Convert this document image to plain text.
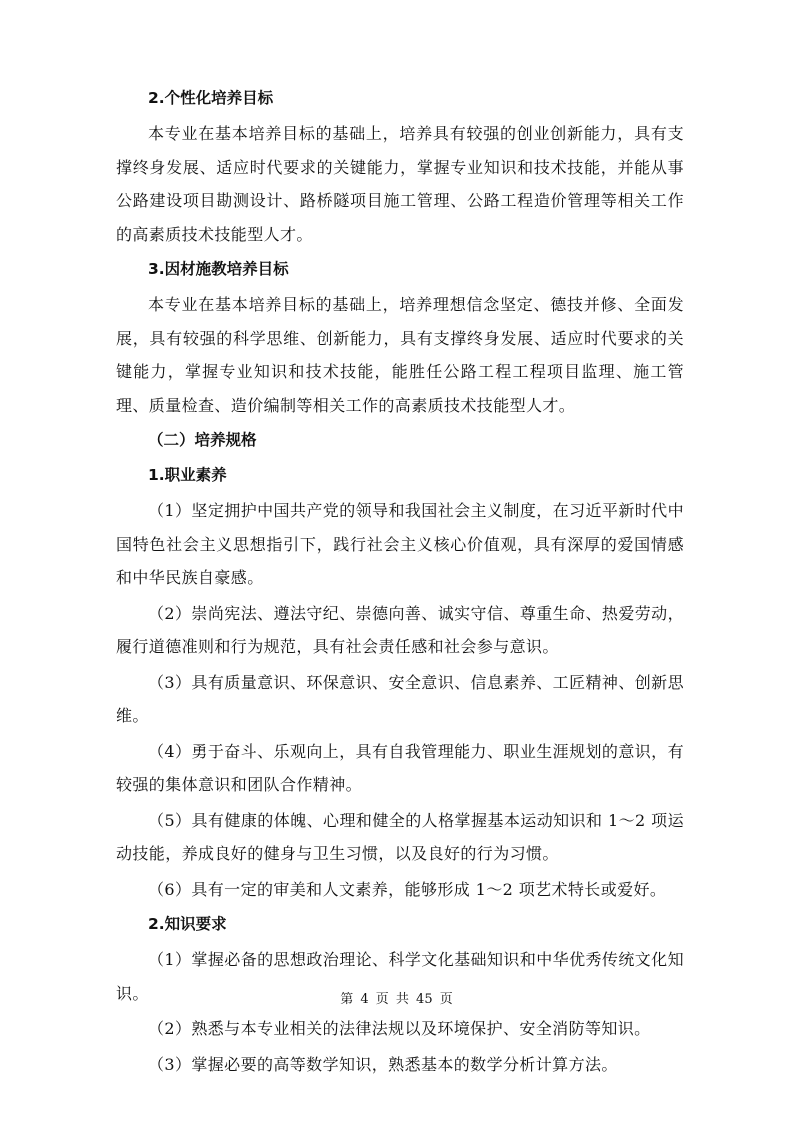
2.个性化培养目标
本专业在基本培养目标的基础上，培养具有较强的创业创新能力，具有支撑终身发展、适应时代要求的关键能力，掌握专业知识和技术技能，并能从事公路建设项目勘测设计、路桥隧项目施工管理、公路工程造价管理等相关工作的高素质技术技能型人才。
3.因材施教培养目标
本专业在基本培养目标的基础上，培养理想信念坚定、德技并修、全面发展，具有较强的科学思维、创新能力，具有支撑终身发展、适应时代要求的关键能力，掌握专业知识和技术技能，能胜任公路工程工程项目监理、施工管理、质量检查、造价编制等相关工作的高素质技术技能型人才。
（二）培养规格
1.职业素养
（1）坚定拥护中国共产党的领导和我国社会主义制度，在习近平新时代中国特色社会主义思想指引下，践行社会主义核心价值观，具有深厚的爱国情感和中华民族自豪感。
（2）崇尚宪法、遵法守纪、崇德向善、诚实守信、尊重生命、热爱劳动，履行道德准则和行为规范，具有社会责任感和社会参与意识。
（3）具有质量意识、环保意识、安全意识、信息素养、工匠精神、创新思维。
（4）勇于奋斗、乐观向上，具有自我管理能力、职业生涯规划的意识，有较强的集体意识和团队合作精神。
（5）具有健康的体魄、心理和健全的人格掌握基本运动知识和 1～2 项运动技能，养成良好的健身与卫生习惯，以及良好的行为习惯。
（6）具有一定的审美和人文素养，能够形成 1～2 项艺术特长或爱好。
2.知识要求
（1）掌握必备的思想政治理论、科学文化基础知识和中华优秀传统文化知识。
（2）熟悉与本专业相关的法律法规以及环境保护、安全消防等知识。
（3）掌握必要的高等数学知识，熟悉基本的数学分析计算方法。
第 4 页 共 45 页
